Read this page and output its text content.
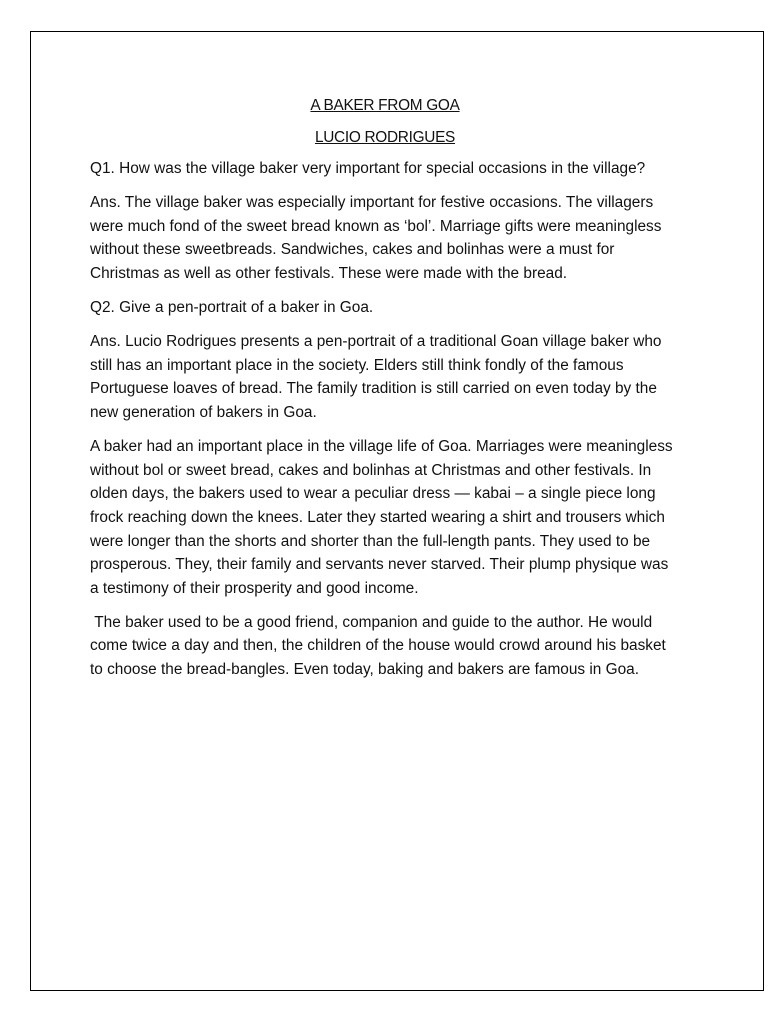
A BAKER FROM GOA
LUCIO RODRIGUES

Q1. How was the village baker very important for special occasions in the village?

Ans. The village baker was especially important for festive occasions. The villagers were much fond of the sweet bread known as ‘bol’. Marriage gifts were meaningless without these sweetbreads. Sandwiches, cakes and bolinhas were a must for Christmas as well as other festivals. These were made with the bread.

Q2. Give a pen-portrait of a baker in Goa.

Ans. Lucio Rodrigues presents a pen-portrait of a traditional Goan village baker who still has an important place in the society. Elders still think fondly of the famous Portuguese loaves of bread. The family tradition is still carried on even today by the new generation of bakers in Goa.

A baker had an important place in the village life of Goa. Marriages were meaningless without bol or sweet bread, cakes and bolinhas at Christmas and other festivals. In olden days, the bakers used to wear a peculiar dress — kabai – a single piece long frock reaching down the knees. Later they started wearing a shirt and trousers which were longer than the shorts and shorter than the full-length pants. They used to be prosperous. They, their family and servants never starved. Their plump physique was a testimony of their prosperity and good income.

The baker used to be a good friend, companion and guide to the author. He would come twice a day and then, the children of the house would crowd around his basket to choose the bread-bangles. Even today, baking and bakers are famous in Goa.
